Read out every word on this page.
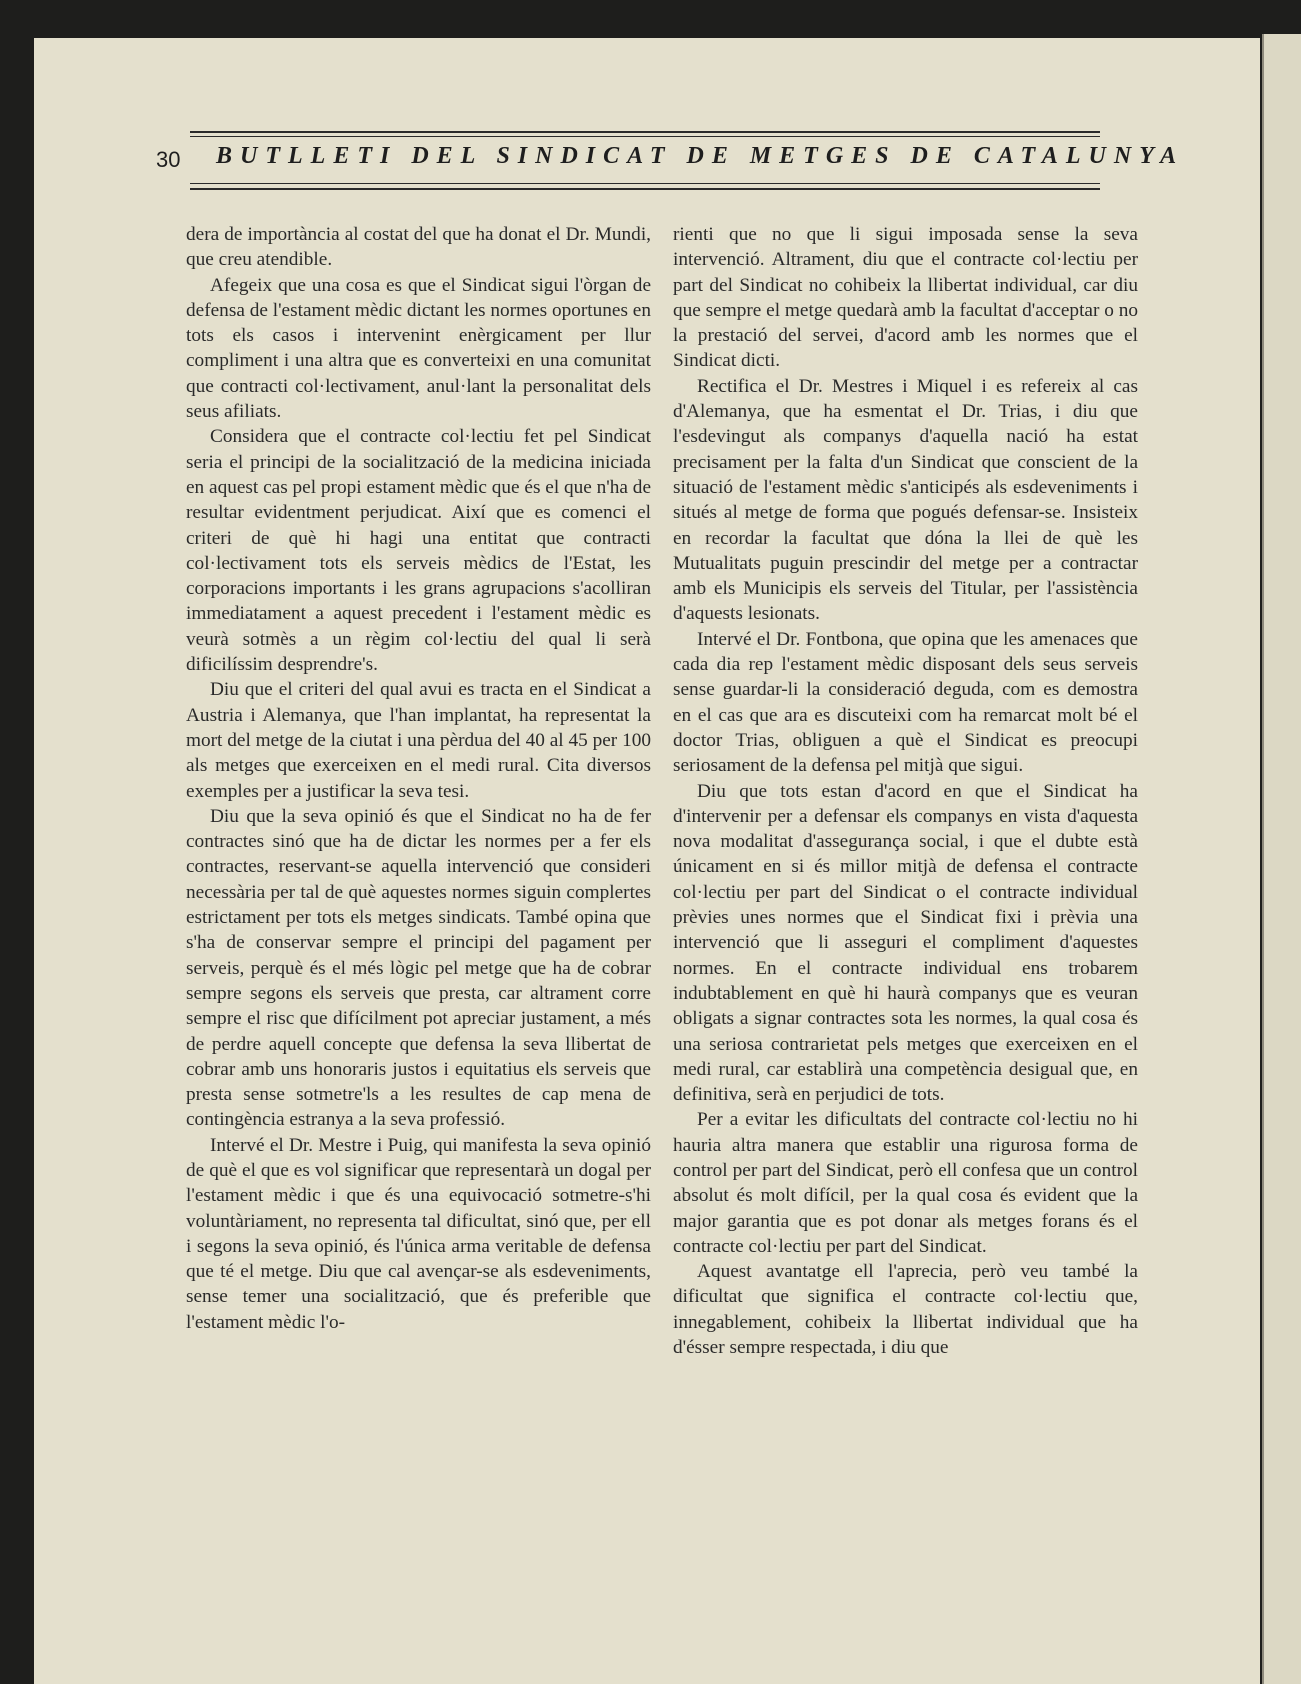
30 BUTLLETI DEL SINDICAT DE METGES DE CATALUNYA

dera de importància al costat del que ha donat el Dr. Mundi, que creu atendible.

Afegeix que una cosa es que el Sindicat sigui l'òrgan de defensa de l'estament mèdic dictant les normes oportunes en tots els casos i intervenint enèrgicament per llur compliment i una altra que es converteixi en una comunitat que contracti col·lectivament, anul·lant la personalitat dels seus afiliats.

Considera que el contracte col·lectiu fet pel Sindicat seria el principi de la socialització de la medicina iniciada en aquest cas pel propi estament mèdic que és el que n'ha de resultar evidentment perjudicat. Així que es comenci el criteri de què hi hagi una entitat que contracti col·lectivament tots els serveis mèdics de l'Estat, les corporacions importants i les grans agrupacions s'acolliran immediatament a aquest precedent i l'estament mèdic es veurà sotmès a un règim col·lectiu del qual li serà dificilíssim desprendre's.

Diu que el criteri del qual avui es tracta en el Sindicat a Austria i Alemanya, que l'han implantat, ha representat la mort del metge de la ciutat i una pèrdua del 40 al 45 per 100 als metges que exerceixen en el medi rural. Cita diversos exemples per a justificar la seva tesi.

Diu que la seva opinió és que el Sindicat no ha de fer contractes sinó que ha de dictar les normes per a fer els contractes, reservant-se aquella intervenció que consideri necessària per tal de què aquestes normes siguin complertes estrictament per tots els metges sindicats. També opina que s'ha de conservar sempre el principi del pagament per serveis, perquè és el més lògic pel metge que ha de cobrar sempre segons els serveis que presta, car altrament corre sempre el risc que difícilment pot apreciar justament, a més de perdre aquell concepte que defensa la seva llibertat de cobrar amb uns honoraris justos i equitatius els serveis que presta sense sotmetre'ls a les resultes de cap mena de contingència estranya a la seva professió.

Intervé el Dr. Mestre i Puig, qui manifesta la seva opinió de què el que es vol significar que representarà un dogal per l'estament mèdic i que és una equivocació sotmetre-s'hi voluntàriament, no representa tal dificultat, sinó que, per ell i segons la seva opinió, és l'única arma veritable de defensa que té el metge. Diu que cal avençar-se als esdeveniments, sense temer una socialització, que és preferible que l'estament mèdic l'o-

rienti que no que li sigui imposada sense la seva intervenció. Altrament, diu que el contracte col·lectiu per part del Sindicat no cohibeix la llibertat individual, car diu que sempre el metge quedarà amb la facultat d'acceptar o no la prestació del servei, d'acord amb les normes que el Sindicat dicti.

Rectifica el Dr. Mestres i Miquel i es refereix al cas d'Alemanya, que ha esmentat el Dr. Trias, i diu que l'esdevingut als companys d'aquella nació ha estat precisament per la falta d'un Sindicat que conscient de la situació de l'estament mèdic s'anticipés als esdeveniments i situés al metge de forma que pogués defensar-se. Insisteix en recordar la facultat que dóna la llei de què les Mutualitats puguin prescindir del metge per a contractar amb els Municipis els serveis del Titular, per l'assistència d'aquests lesionats.

Intervé el Dr. Fontbona, que opina que les amenaces que cada dia rep l'estament mèdic disposant dels seus serveis sense guardar-li la consideració deguda, com es demostra en el cas que ara es discuteixi com ha remarcat molt bé el doctor Trias, obliguen a què el Sindicat es preocupi seriosament de la defensa pel mitjà que sigui.

Diu que tots estan d'acord en que el Sindicat ha d'intervenir per a defensar els companys en vista d'aquesta nova modalitat d'assegurança social, i que el dubte està únicament en si és millor mitjà de defensa el contracte col·lectiu per part del Sindicat o el contracte individual prèvies unes normes que el Sindicat fixi i prèvia una intervenció que li asseguri el compliment d'aquestes normes. En el contracte individual ens trobarem indubtablement en què hi haurà companys que es veuran obligats a signar contractes sota les normes, la qual cosa és una seriosa contrarietat pels metges que exerceixen en el medi rural, car establirà una competència desigual que, en definitiva, serà en perjudici de tots.

Per a evitar les dificultats del contracte col·lectiu no hi hauria altra manera que establir una rigurosa forma de control per part del Sindicat, però ell confesa que un control absolut és molt difícil, per la qual cosa és evident que la major garantia que es pot donar als metges forans és el contracte col·lectiu per part del Sindicat.

Aquest avantatge ell l'aprecia, però veu també la dificultat que significa el contracte col·lectiu que, innegablement, cohibeix la llibertat individual que ha d'ésser sempre respectada, i diu que
